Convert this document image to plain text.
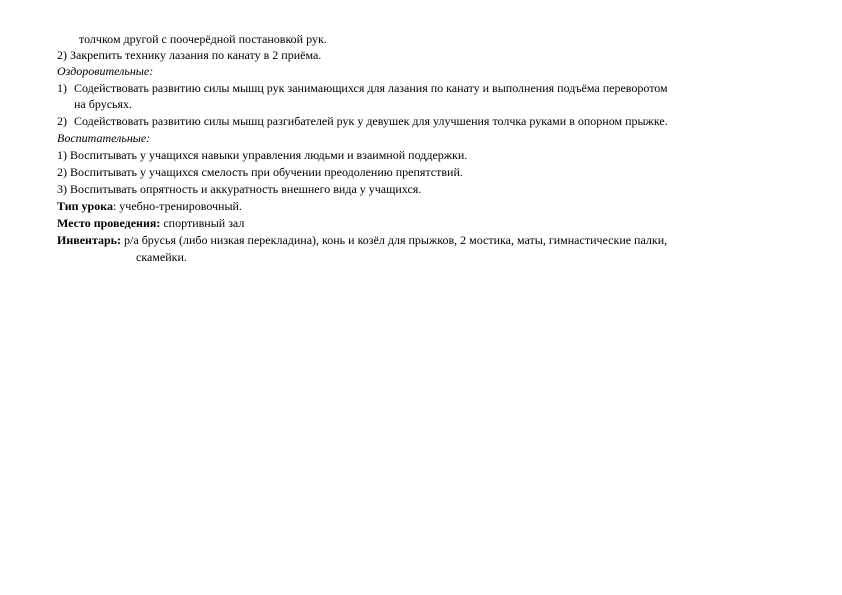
толчком другой с поочерёдной постановкой рук.
2) Закрепить технику лазания по канату в 2 приёма.
Оздоровительные:
1) Содействовать развитию силы мышц рук занимающихся для лазания по канату и выполнения подъёма переворотом
на брусьях.
2) Содействовать развитию силы мышц разгибателей рук у девушек для улучшения толчка руками в опорном прыжке.
Воспитательные:
1) Воспитывать у учащихся навыки управления людьми и взаимной поддержки.
2) Воспитывать у учащихся смелость при обучении преодолению препятствий.
3) Воспитывать опрятность и аккуратность внешнего вида у учащихся.
Тип урока: учебно-тренировочный.
Место проведения: спортивный зал
Инвентарь: р/а брусья (либо низкая перекладина), конь и козёл для прыжков, 2 мостика, маты, гимнастические палки,
скамейки.
